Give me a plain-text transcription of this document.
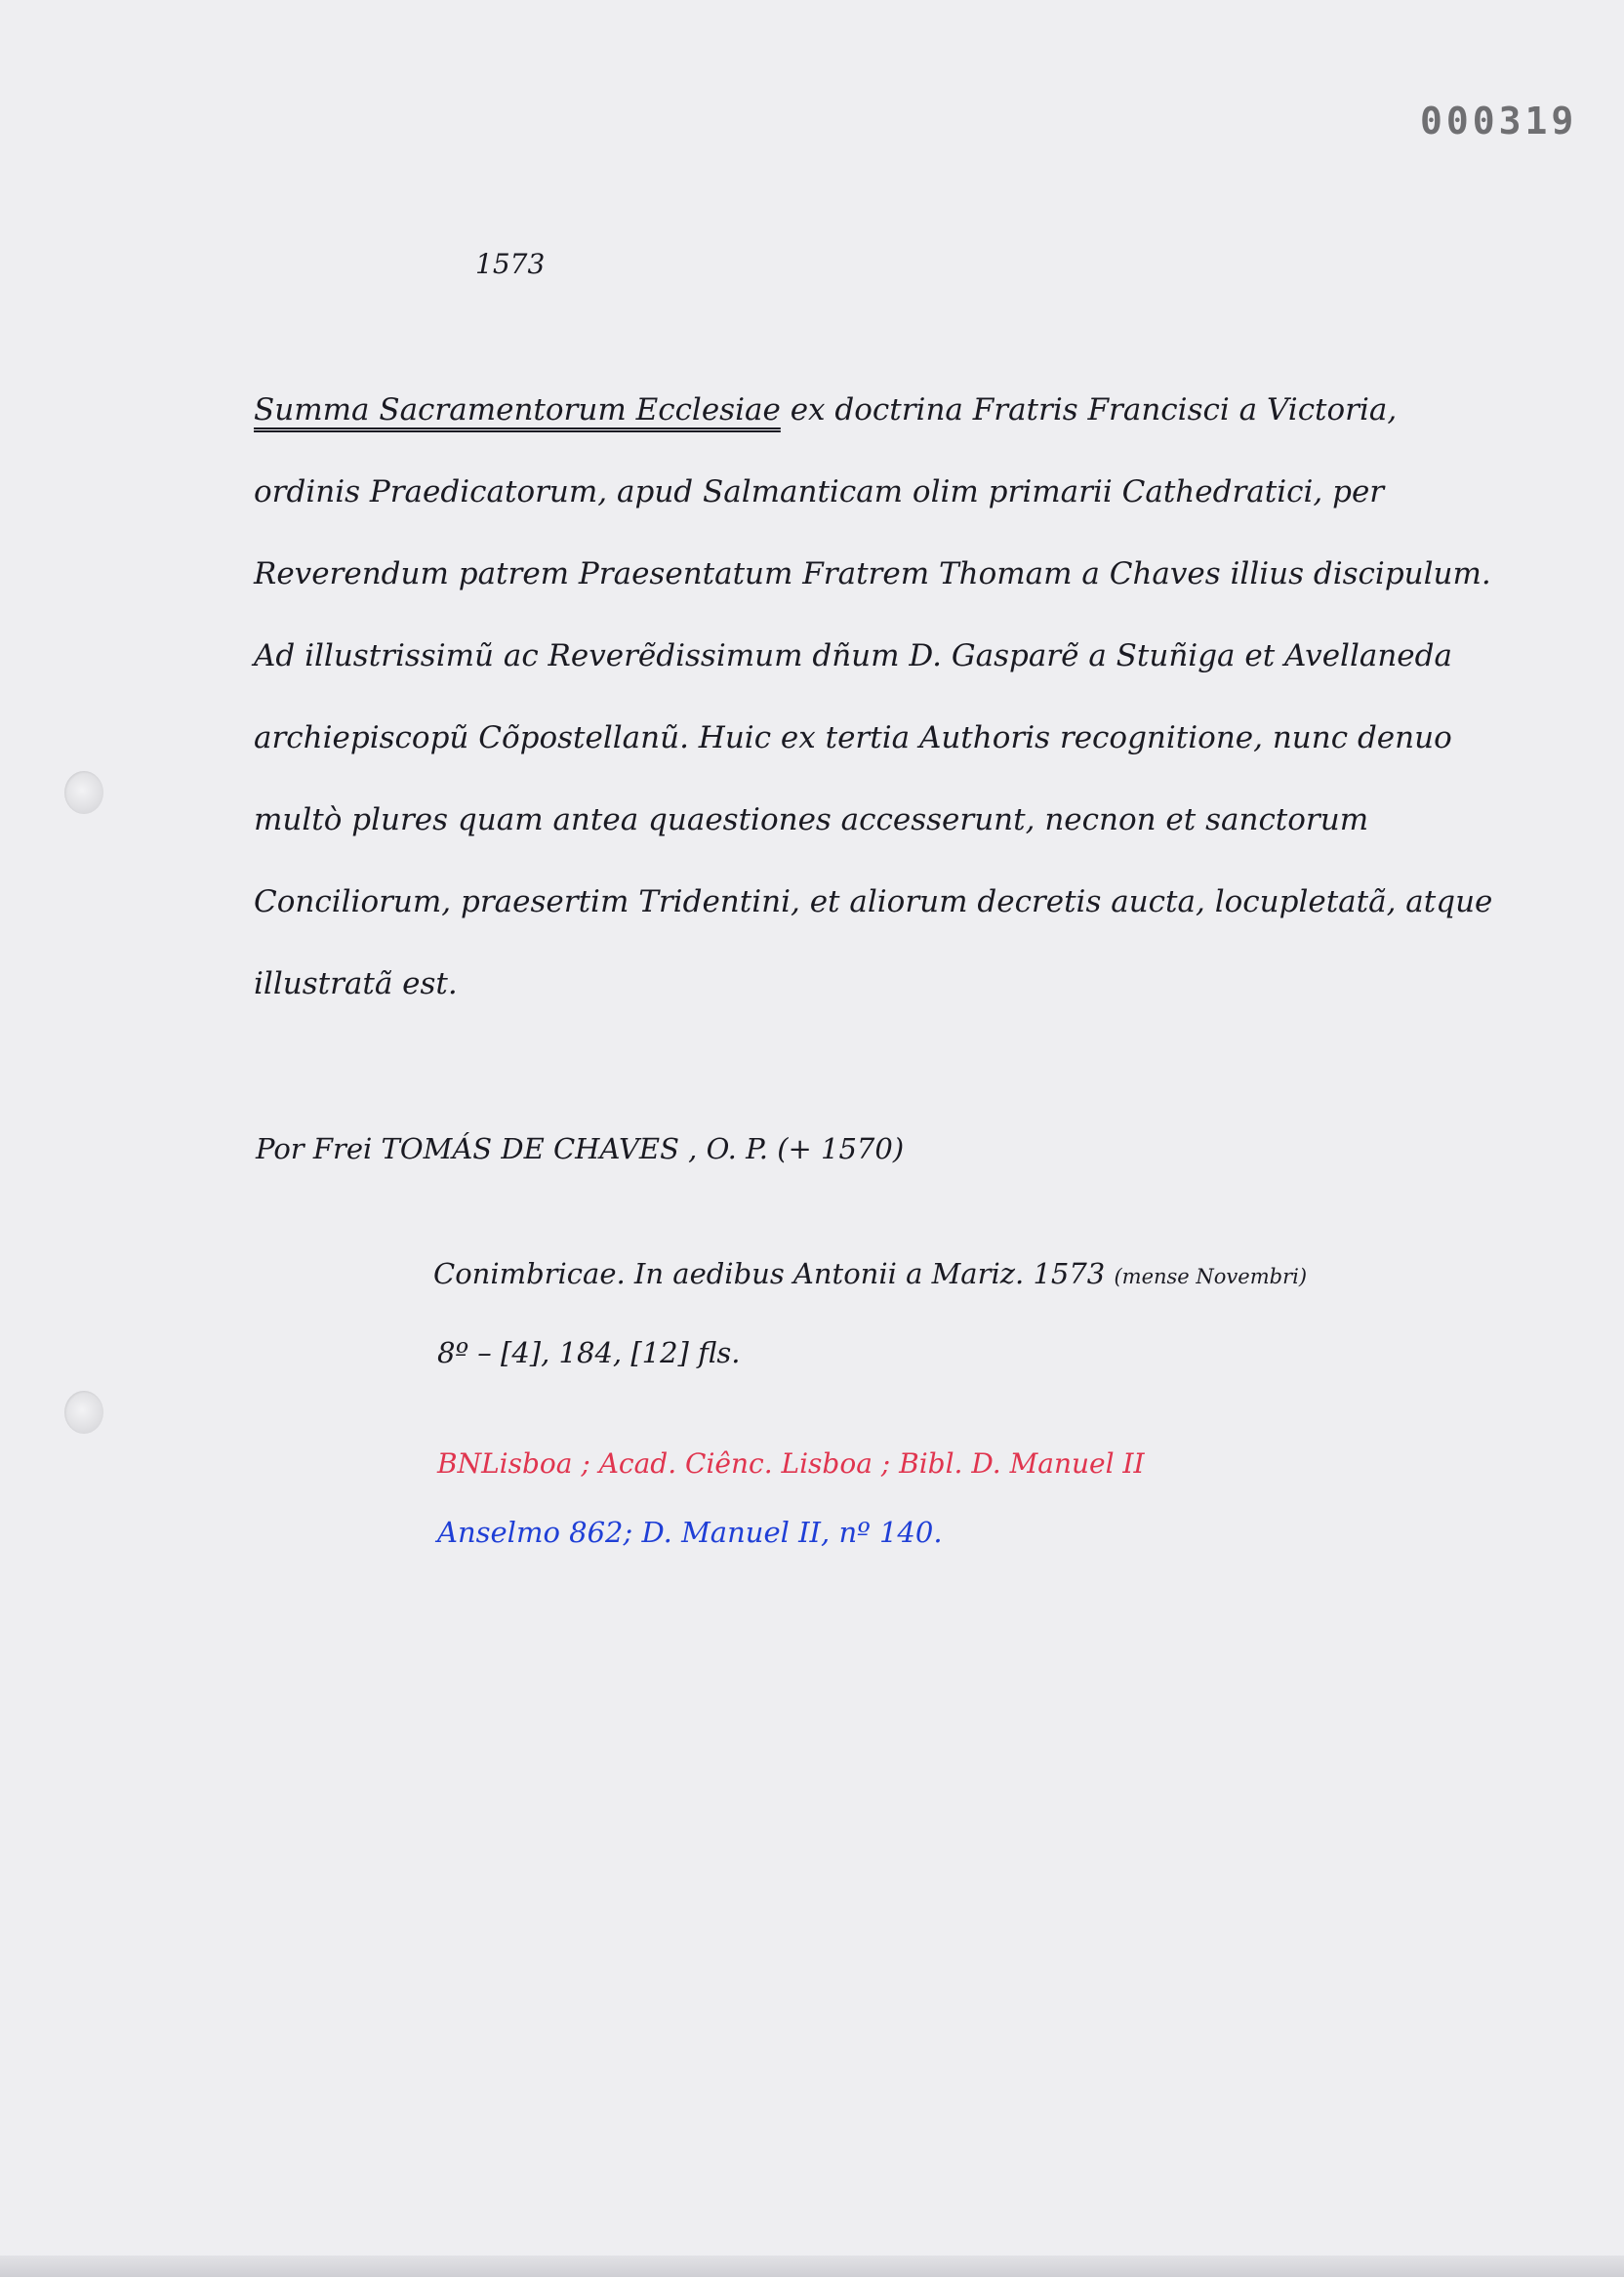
000319
1573

Summa Sacramentorum Ecclesiae ex doctrina Fratris Francisci a Victoria, ordinis Praedicatorum, apud Salmanticam olim primarii Cathedratici, per Reverendum patrem Praesentatum Fratrem Thomam a Chaves illius discipulum. Ad illustrissimũ ac Reverẽdissimum dñum D. Gasparẽ a Stuñiga et Avellaneda archiepiscopũ Cõpostellanũ. Huic ex tertia Authoris recognitione, nunc denuo multò plures quam antea quaestiones accesserunt, necnon et sanctorum Conciliorum, praesertim Tridentini, et aliorum decretis aucta, locupletatã, atque illustratã est.

Por Frei TOMÁS DE CHAVES , O. P. (+ 1570)
Conimbricae. In aedibus Antonii a Mariz. 1573 (mense Novembri)
8º – [4], 184, [12] fls.
BNLisboa ; Acad. Ciênc. Lisboa ; Bibl. D. Manuel II
Anselmo 862; D. Manuel II, nº 140.
